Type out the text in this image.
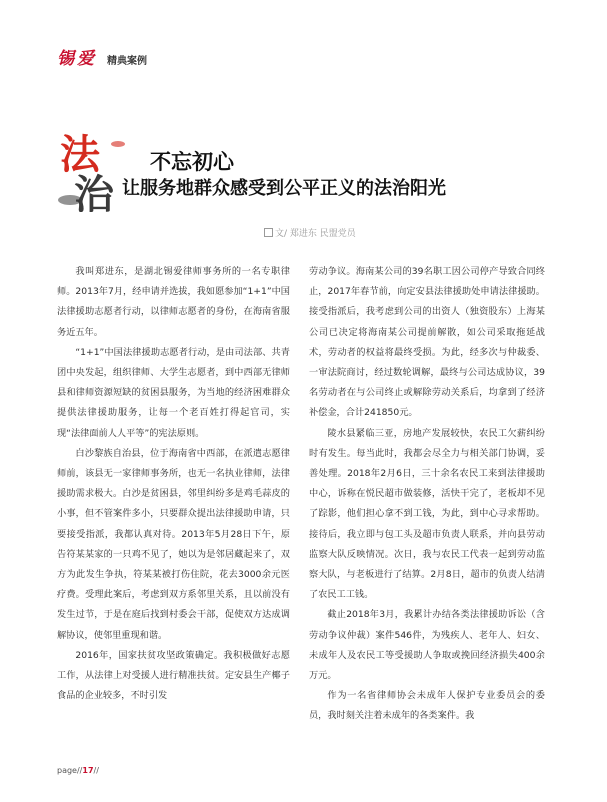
锡爱 精典案例
法
治
不忘初心
让服务地群众感受到公平正义的法治阳光
文/ 郑进东 民盟党员

我叫郑进东，是湖北锡爱律师事务所的一名专职律师。2013年7月，经申请并选拔，我如愿参加“1+1”中国法律援助志愿者行动，以律师志愿者的身份，在海南省服务近五年。

“1+1”中国法律援助志愿者行动，是由司法部、共青团中央发起，组织律师、大学生志愿者，到中西部无律师县和律师资源短缺的贫困县服务，为当地的经济困难群众提供法律援助服务，让每一个老百姓打得起官司，实现“法律面前人人平等”的宪法原则。

白沙黎族自治县，位于海南省中西部，在派遣志愿律师前，该县无一家律师事务所，也无一名执业律师，法律援助需求极大。白沙是贫困县，邻里纠纷多是鸡毛蒜皮的小事，但不管案件多小，只要群众提出法律援助申请，只要接受指派，我都认真对待。2013年5月28日下午，原告符某某家的一只鸡不见了，她以为是邻居藏起来了，双方为此发生争执，符某某被打伤住院，花去3000余元医疗费。受理此案后，考虑到双方系邻里关系，且以前没有发生过节，于是在庭后找到村委会干部，促使双方达成调解协议，使邻里重现和谐。

2016年，国家扶贫攻坚政策确定。我积极做好志愿工作，从法律上对受援人进行精准扶贫。定安县生产椰子食品的企业较多，不时引发

劳动争议。海南某公司的39名职工因公司停产导致合同终止，2017年春节前，向定安县法律援助处申请法律援助。接受指派后，我考虑到公司的出资人（独资股东）上海某公司已决定将海南某公司提前解散，如公司采取拖延战术，劳动者的权益将最终受损。为此，经多次与仲裁委、一审法院商讨，经过数轮调解，最终与公司达成协议，39名劳动者在与公司终止或解除劳动关系后，均拿到了经济补偿金，合计241850元。

陵水县紧临三亚，房地产发展较快，农民工欠薪纠纷时有发生。每当此时，我都会尽全力与相关部门协调，妥善处理。2018年2月6日，三十余名农民工来到法律援助中心，诉称在悦民超市做装修，活快干完了，老板却不见了踪影，他们担心拿不到工钱，为此，到中心寻求帮助。接待后，我立即与包工头及超市负责人联系，并向县劳动监察大队反映情况。次日，我与农民工代表一起到劳动监察大队，与老板进行了结算。2月8日，超市的负责人结清了农民工工钱。

截止2018年3月，我累计办结各类法律援助诉讼（含劳动争议仲裁）案件546件，为残疾人、老年人、妇女、未成年人及农民工等受援助人争取或挽回经济损失400余万元。

作为一名省律师协会未成年人保护专业委员会的委员，我时刻关注着未成年的各类案件。我

page//17//
